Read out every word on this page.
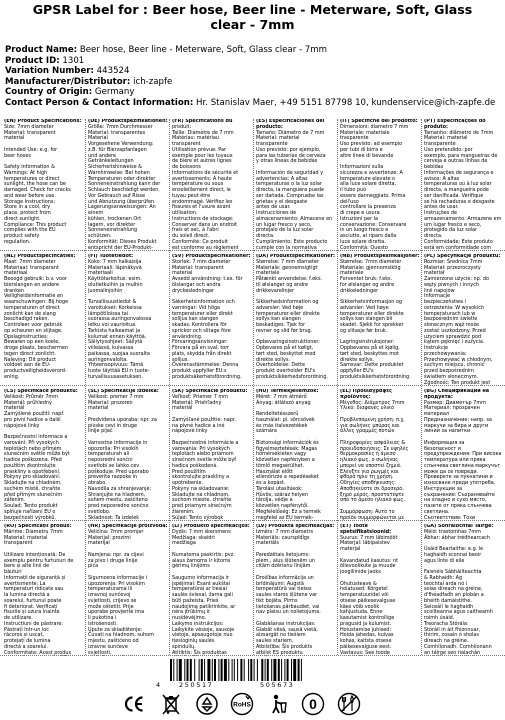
GPSR Label for : Beer hose, Beer line - Meterware, Soft, Glass
clear - 7mm
Product Name: Beer hose, Beer line - Meterware, Soft, Glass clear - 7mm
Product ID: 1301
Variation Number: 443524
Manufacturer/Distributor: ich-zapfe
Country of Origin: Germany
Contact Person & Contact Information: Hr. Stanislav Maer, +49 5151 87798 10, kundenservice@ich-zapfe.de

(EN) Product Specifications:

Size: 7mm diameter

Material: transparent

material

Intended Use: e.g. for

beer hoses

Safety Information &

Warnings: At high

temperatures or direct

sunlight, the hose can be

damaged. Check for cracks

and wear before use.

Storage Instructions:

Store in a cool, dry

place, protect from

direct sunlight.

Compliance: This product

complies with the EU

product safety

regulation.

(DE) Produktspezifikationen:

Größe: 7mm Durchmesser

Material: transparentes

Material

Vorgesehene Verwendung:

z.B. für Bierzapfanlagen

und andere

Getränkeleitungen

Sicherheitshinweise &

Warnhinweise: Bei hohen

Temperaturen oder direkter

Sonneneinstrahlung kann der

Schlauch beschädigt werden.

Vor Gebrauch auf Risse

und Abnutzung überprüfen.

Lagerungsanweisungen: An einem

kühlen, trockenen Ort

lagern, vor direkter

Sonneneinstrahlung

schützen.

Konformität: Dieses Produkt

entspricht der EU-Produkt-

(FR) Spécifications du

produit:

Taille: Diamètre de 7 mm

Matériau: matériau

transparent

Utilisation prévue: Par

exemple pour les tuyaux

de bière et autres lignes

de boissons

Informations de sécurité et

avertissements: À haute

température ou sous

ensoleillement direct, le

tuyau peut être

endommagé. Vérifiez les

fissures et l'usure avant

utilisation.

Instructions de stockage:

Conserver dans un endroit

frais et sec, à l'abri

du soleil direct.

Conformité: Ce produit

est conforme au règlement

(ES) Especificaciones del producto:

Tamaño: Diámetro de 7 mm

Material: material

transparente

Uso previsto: por ejemplo,

para las tuberías de cerveza

y otras líneas de bebidas

Información de seguridad y

advertencias: A altas

temperaturas o la luz solar

directa, la manguera puede

ser dañada. Compruebe las

grietas y el desgaste

antes de usar.

Instrucciones de

almacenamiento: Almacene en

un lugar fresco y seco,

protéjalo de la luz solar

directa.

Cumplimiento: Este producto

cumple con la normativa

(IT) Specifiche del prodotto:

Dimensioni: diametro 7 mm

Materiale: materiale

trasparente

Uso previsto: ad esempio

per tubi di birra e

altre linee di bevande

Informazioni sulla

sicurezza e avvertenze: A

temperature elevate o

alla luce solare diretta,

il tubo può

essere danneggiato. Prima

dell'uso

controllare la presenza

di crepe e usura.

Istruzioni per la

conservazione: Conservare

in un luogo fresco e

asciutto, al riparo dalla

luce solare diretta.

Conformità: Questo

(PT) Especificações do produto:

Tamanho: diâmetro de 7mm

Material: material

transparente

Uso pretendido: por

exemplo, para mangueiras de

cerveja e outras linhas de

bebidas

Informações de segurança e

avisos: A altas

temperaturas ou à luz solar

directa, a mangueira pode

ser danificada. Verifique

se há rachaduras e desgaste

antes de usar.

Instruções de

armazenamento: Armazene em

um lugar fresco e seco,

protegido da luz solar

directa.

Conformidade: Este produto

está em conformidade com

(NL) Productspecificaties:

Maat: 7mm diameter

Materiaal: transparant

materiaal

Beoogd gebruik: b.v. voor

bierslangen en andere

dranken

Veiligheidsinformatie en

waarschuwingen: Bij hoge

temperaturen of direct

zonlicht kan de slang

beschadigd raken.

Controleer voor gebruik

op scheuren en slijtage.

Opslaginstructies:

Bewaren op een koele,

droge plaats, beschermen

tegen direct zonlicht.

Naleving: Dit product

voldoet aan de EU-

productveiligheidsverord-

ening.

(FI) Tuotetiedot:

Koko: 7 mm halkaisija

Materiaali: läpinäkyvä

materiaali

Käyttötarkoitus: esim.

olutletkuihin ja muihin

juomalinjoihin

Turvallisuustiedot &

varoitukset: Korkeissa

lämpötiloissa tai

suorassa auringonvalossa

letku voi vaurioitua.

Tarkista halkeamat ja

kulumat ennen käyttöä.

Säilytysohjeet: Säilytä

viileässä, kuivassa

paikassa, suojaa suoralta

auringonvalolta.

Yhteensopivuus: Tämä

tuote täyttää EU:n tuote-

turvallisuusasetuksen.

(SV) Produktspecifikationer:

Storlek: 7 mm diameter

Material: transparent

material

Avsedd användning: t.ex. för

ölslangar och andra

dryckesledningar

Säkerhetsinformation och

varningar: Vid höga

temperaturer eller direkt

solljus kan slangen

skadas. Kontrollera för

sprickor och slitage före

användning.

Förvaringsanvisningar:

Förvara på en sval, torr

plats, skydda från direkt

solljus.

Överensstämmelse: Denna

produkt uppfyller EU:s

produktsäkerhetsförordning.

(DA) Produktspecifikationer:

Størrelse: 7 mm diameter

Materiale: gennemsigtigt

materiale

Påtænkt anvendelse: f.eks.

til ølslanger og andre

drikkevarelinjer

Sikkerhedsinformation og

advarsler: Ved høje

temperaturer eller direkte

sollys kan slangen

beskadiges. Tjek for

revner og slid før brug.

Opbevaringsinstruktioner:

Opbevares på et køligt,

tørt sted, beskyttet mod

direkte sollys.

Overholdelse: Dette

produkt overholder EU's

produktsikkerhedsforordning.

(NB) Produktspesifikasjoner:

Størrelse: 7mm diameter

Materiale: gjennomsiktig

materiale

Forventet bruk: f.eks.

for ølslanger og andre

drikkeledninger

Sikkerhetsinformasjon og

advarsler: Ved høye

temperaturer eller direkte

sollys kan slangen bli

skadet. Sjekk for sprekker

og slitasje før bruk.

Lagringsinstruksjoner:

Oppbevares på et kjølig,

tørt sted, beskyttes mot

direkte sollys.

Samsvar: Dette produktet

oppfyller EU's

produktsikkerhetsforordning.

(PL) Specyfikacje produktu:

Rozmiar: Średnica 7mm

Materiał: przezroczysty

materiał

Zamierzone użycie: np. do

węży piwnych i innych

linii napojów

Informacje

bezpieczeństwa i

ostrzeżenia: W wysokich

temperaturach lub w

bezpośrednim świetle

słonecznym wąż może

zostać uszkodzony. Przed

użyciem sprawdzić pod

kątem pęknięć i zużycia.

Instrukcje

przechowywania:

Przechowywać w chłodnym,

suchym miejscu, chronić

przed bezpośrednim

światłem słonecznym.

Zgodność: Ten produkt jest

(CS) Specifikace produktu:

Velikost: Průměr 7mm

Materiál: průhledný

materiál

Zamýšlené použití: např.

pro pivní hadice a další

nápojové linky

Bezpečnostní informace a

varování: Při vysokých

teplotách nebo přímém

slunečním světle může být

hadice poškozena. Před

použitím zkontrolujte

praskliny a opotřebení.

Pokyny pro skladování:

Skladujte na chladném,

suchém místě, chraňte

před přímým slunečním

zářením.

Soulad: Tento produkt

splňuje nařízení EU o

bezpečnosti výrobků.

(SL) Specifikacije izdelka:

Velikost: premer 7 mm

Material: prozoren

material

Predvidena uporaba: npr. za

pivske cevi in druge

linije pijač

Varnostne informacije in

opozorila: Pri visokih

temperaturah ali

neposredni sončni

svetlobi se lahko cev

poškoduje. Pred uporabo

preverite razpoke in

obrabo.

Navodila za shranjevanje:

Shranjujte na hladnem,

suhem mestu, zaščiteno

pred neposredno sončno

svetlobo.

Skladnost: Ta izdelek

(SK) Špecifikácie produktu:

Veľkosť: Priemer 7 mm

Materiál: Priehľadný

materiál

Zamýšľané použitie: napr.

na pivné hadice a iné

nápojové linky

Bezpečnostné informácie a

varovania: Pri vysokých

teplotách alebo priamom

slnečnom svetle môže byť

hadica poškodená.

Pred použitím

skontrolujte praskliny a

opotrebenie.

Pokyny na skladovanie:

Skladujte na chladnom,

suchom mieste, chráňte

pred priamym slnečným

žiarením.

Súlad: Tento výrobok

(HU) Termékjellemzők:

Méret: 7 mm átmérő

Anyag: átlátszó anyag

Rendeltetésszerű

használat: pl. sörcsövek

és más italvezetékek

számára

Biztonsági információk és

figyelmeztetések: Magas

hőmérsékleten vagy

közvetlen napfényben a

tömlő megsérülhet.

Használat előtt

ellenőrizze a repedéseket

és a kopást.

Tárolási utasítások:

Hűvös, száraz helyen

tárolja, védje a

közvetlen napfénytől.

Megfelelőség: Ez a termék

megfelel az EU termék-

(EL) Προδιαγραφές προϊόντος:

Μέγεθος: Διάμετρος 7mm

Υλικό: διαφανές υλικό

Προβλεπόμενη χρήση: π.χ.

για σωλήνες μπύρας και

άλλες γραμμές ποτών

Πληροφορίες ασφάλειας &

προειδοποιήσεις: Σε υψηλές

θερμοκρασίες ή άμεσο

ηλιακό φως, ο σωλήνας

μπορεί να υποστεί ζημιά.

Ελέγξτε για ρωγμές και

φθορά πριν τη χρήση.

Οδηγίες αποθήκευσης:

Αποθηκεύστε σε δροσερό,

ξηρό μέρος, προστατέψτε

από το άμεσο ηλιακό φως.

Συμμόρφωση: Αυτό το

προϊόν συμμορφώνεται με

(BG) Спецификации на продукта:

Размер: Диаметър 7mm

Материал: прозрачен

материал

Предназначение: напр. за

маркучи за бира и други

линии за напитки

Информация за

безопасност и

предупреждения: При висока

температура или пряка

слънчева светлина маркучът

може да се повреди.

Проверете за пукнатини и

износване преди употреба.

Инструкции за

съхранение: Съхранявайте

на хладно и сухо място,

пазете от пряка слънчева

светлина.

Съответствие: Този

(RO) Specificații produs:

Mărime: Diametru 7mm

Material: material

transparent

Utilizare intenționată: De

exemplu pentru furtunuri de

bere și alte linii de

băuturi

Informații de siguranță și

avertismente: La

temperaturi ridicate sau

la lumina directă a

soarelui, furtunul poate

fi deteriorat. Verificați

fisurile și uzura înainte

de utilizare.

Instrucțiuni de păstrare:

Păstrați într-un loc

răcoros și uscat,

protejați de lumina

directă a soarelui.

Conformitate: Acest produs

(HR) Specifikacije proizvoda:

Veličina: 7mm promjer

Materijal: prozirni

materijal

Namjena: npr. za cijevi

za pivo i druge linije

pića

Sigurnosne informacije i

upozorenja: Pri visokim

temperaturama ili

izravnoj sunčevoj

svjetlosti, crijevo se

može oštetiti. Prije

uporabe provjerite ima

li pukotina i

istrošenosti.

Upute za skladištenje:

Čuvati na hladnom, suhom

mjestu, zaštićeno od

izravne sunčeve

svjetlosti.

(LT) Produkto specifikacijos:

Dydis: 7 mm skersmens

Medžiaga: skaidri

medžiaga

Numatoma paskirtis: pvz.

alaus žarnoms ir kitoms

gėrimų linijoms

Saugumo informacija ir

įspėjimai: Esant aukštai

temperatūrai ar tiesiai

saulės šviesai, žarna gali

būti pažeista. Prieš

naudojimą patikrinkite, ar

nėra įtrūkimų ir

nusidėvėjimo.

Laikymo instrukcijos:

Laikykite vėsioje, sausoje

vietoje, apsaugotoje nuo

tiesioginių saulės

spindulių.

Atitiktis: Šis produktas

(LV) Produkta specifikācijas:

Izmērs: 7 mm diametrs

Materiāls: caurspīdīgs

materiāls

Paredzētais lietojums:

piem., alus šļūtenēm un

citām dzērienu līnijām

Drošības informācija un

brīdinājumi: Augstā

temperatūrā vai tiešos

saules staros šļūtene var

tikt bojāta. Pirms

lietošanas pārbaudiet, vai

nav plaisu un nolietojuma.

Glabāšanas instrukcijas:

Glabāt vēsā, sausā vietā,

aizsargāt no tiešiem

saules stariem.

Atbilstība: Šis produkts

atbilst ES produktu

(ET) Toote spetsifikatsioonid:

Suurus: 7 mm läbimõõt

Materjal: läbipaistev

materjal

Kavandatud kasutus: nt

õllevoolikute ja muude

joogiliinide jaoks

Ohutusteave &

hoiatused: Kõrgetel

temperatuuridel või

otsese päikesevalguse

käes võib voolik

kahjustuda. Enne

kasutamist kontrollige

pragusid ja kulumist.

Hoiustamise juhised:

Hoida jahedas, kuivas

kohas, kaitsta otsese

päikesevalguse eest.

Vastavus: See toode

(GA) Sonraíochtaí Táirge:

Méid: trastomhas 7mm

Ábhar: ábhar trédhearcach

Úsáid Beartaithe: e.g. le

haghaidh sconnaí beoir

agus línte dí eile

Faisnéis Sábháilteachta

& Rabhaidh: Ag

teochtaí arda nó i

solas díreach na gréine,

d'fhéadfadh an píobán a

bheith damáistithe.

Seiceáil le haghaidh

scoilteanna agus caitheamh

roimh úsáid.

Treoracha Stórála:

Stóráil in áit fhionnuar,

thirim, cosain ó sholas

díreach na gréine.

Comhlíonadh: Comhlíonann

an táirge seo rialachán

4	250517	505673
RoHS	0
